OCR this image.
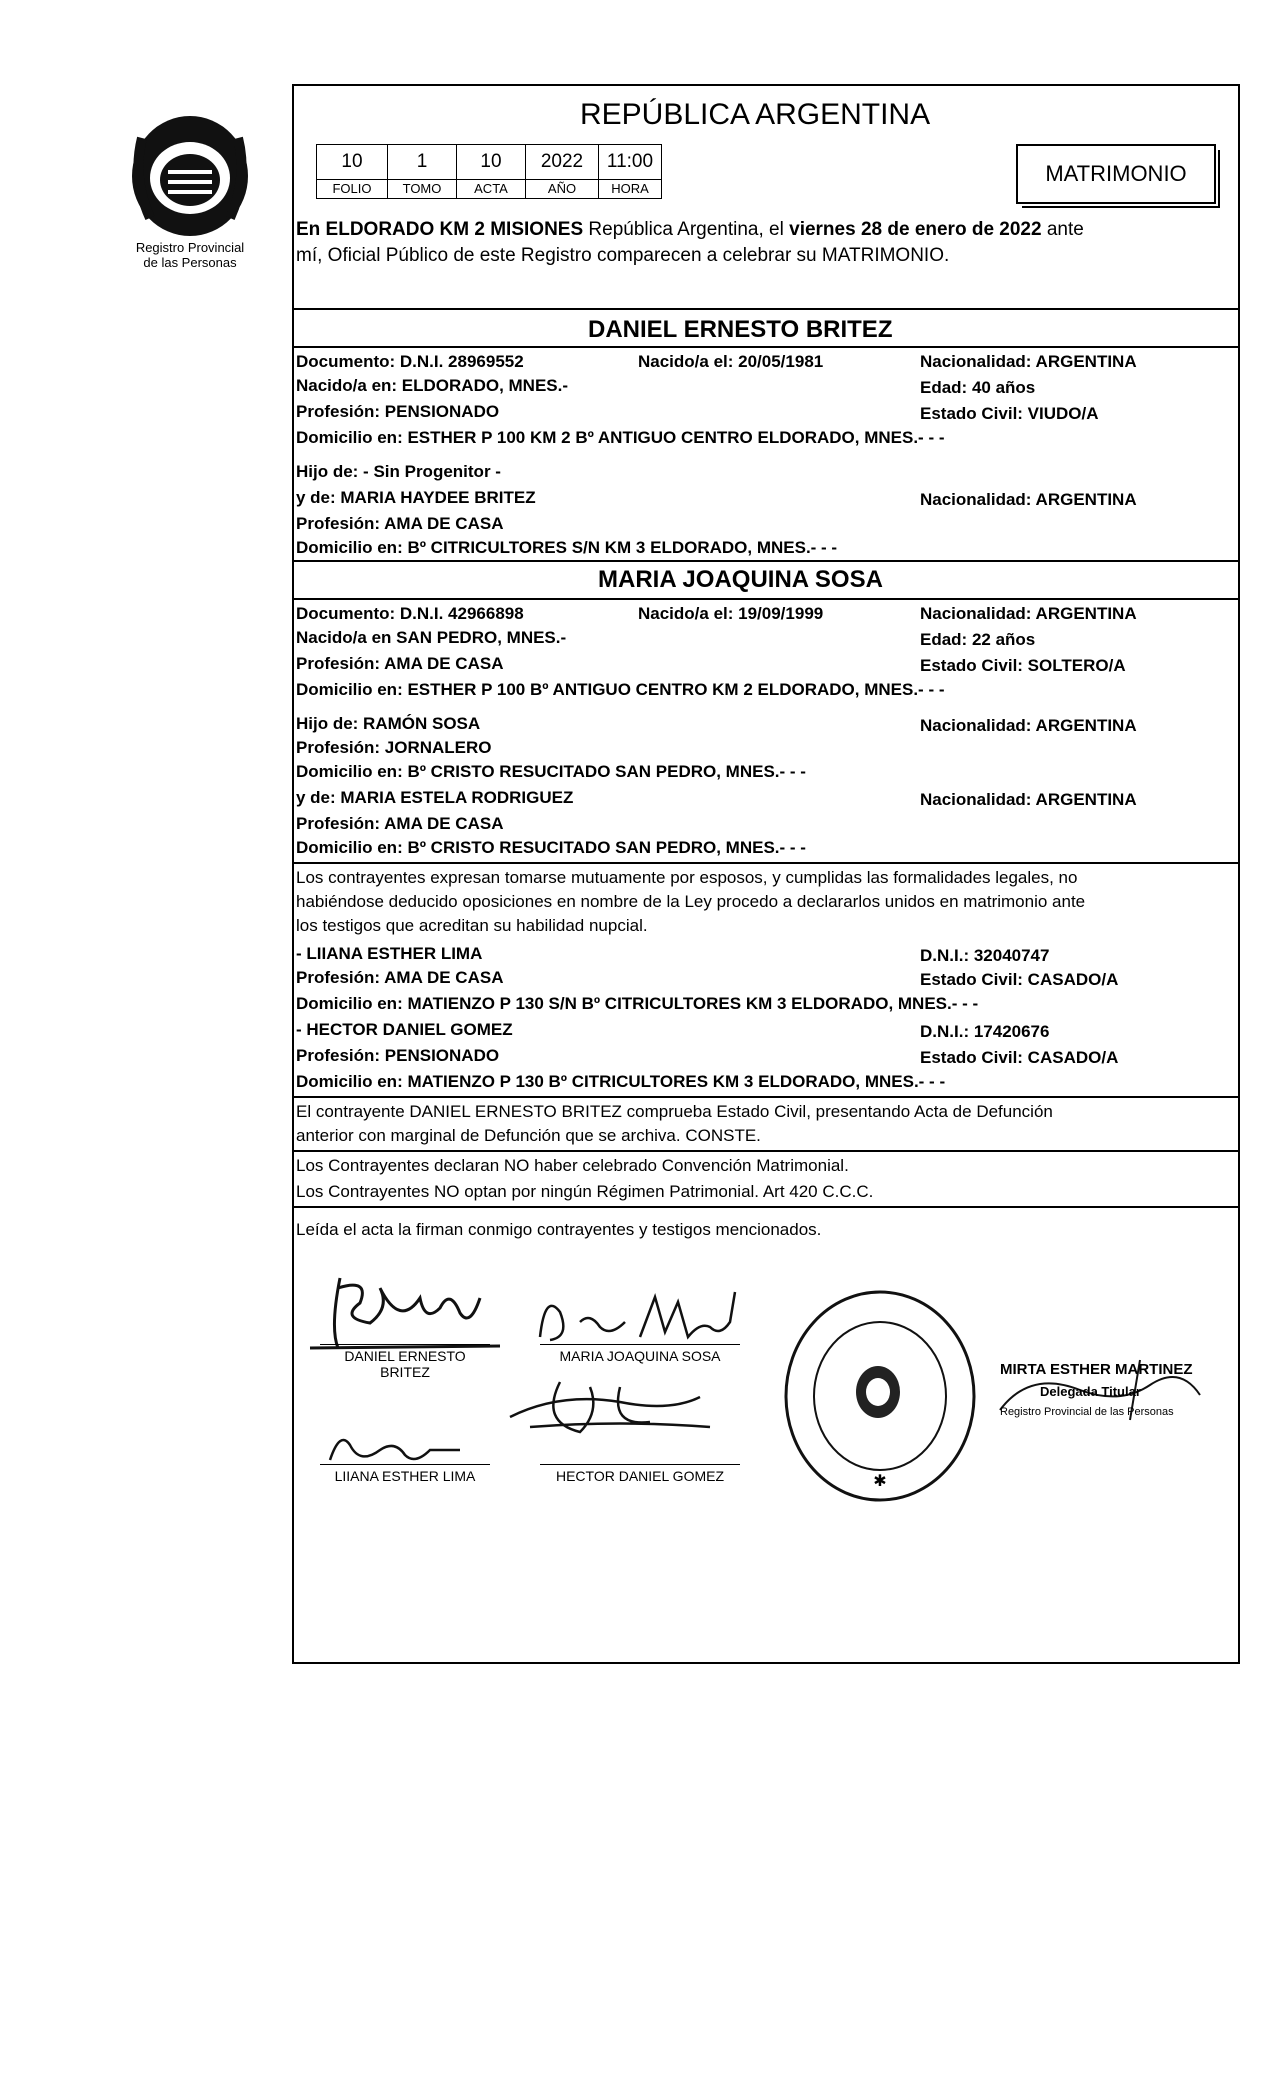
Registro Provincial
de las Personas
REPÚBLICA ARGENTINA
10	1	10	2022	11:00
FOLIO	TOMO	ACTA	AÑO	HORA
MATRIMONIO
En ELDORADO KM 2 MISIONES República Argentina, el viernes 28 de enero de 2022 ante
mí, Oficial Público de este Registro comparecen a celebrar su MATRIMONIO.
DANIEL ERNESTO BRITEZ
Documento: D.N.I. 28969552	Nacido/a el: 20/05/1981	Nacionalidad: ARGENTINA
Nacido/a en: ELDORADO, MNES.-	Edad: 40 años
Profesión: PENSIONADO	Estado Civil: VIUDO/A
Domicilio en: ESTHER P 100 KM 2 Bº ANTIGUO CENTRO ELDORADO, MNES.- - -
Hijo de: - Sin Progenitor -
y de: MARIA HAYDEE BRITEZ	Nacionalidad: ARGENTINA
Profesión: AMA DE CASA
Domicilio en: Bº CITRICULTORES S/N KM 3 ELDORADO, MNES.- - -
MARIA JOAQUINA SOSA
Documento: D.N.I. 42966898	Nacido/a el: 19/09/1999	Nacionalidad: ARGENTINA
Nacido/a en SAN PEDRO, MNES.-	Edad: 22 años
Profesión: AMA DE CASA	Estado Civil: SOLTERO/A
Domicilio en: ESTHER P 100 Bº ANTIGUO CENTRO KM 2 ELDORADO, MNES.- - -
Hijo de: RAMÓN SOSA	Nacionalidad: ARGENTINA
Profesión: JORNALERO
Domicilio en: Bº CRISTO RESUCITADO SAN PEDRO, MNES.- - -
y de: MARIA ESTELA RODRIGUEZ	Nacionalidad: ARGENTINA
Profesión: AMA DE CASA
Domicilio en: Bº CRISTO RESUCITADO SAN PEDRO, MNES.- - -
Los contrayentes expresan tomarse mutuamente por esposos, y cumplidas las formalidades legales, no
habiéndose deducido oposiciones en nombre de la Ley procedo a declararlos unidos en matrimonio ante
los testigos que acreditan su habilidad nupcial.
- LIIANA ESTHER LIMA	D.N.I.: 32040747
Profesión: AMA DE CASA	Estado Civil: CASADO/A
Domicilio en: MATIENZO P 130 S/N Bº CITRICULTORES KM 3 ELDORADO, MNES.- - -
- HECTOR DANIEL GOMEZ	D.N.I.: 17420676
Profesión: PENSIONADO	Estado Civil: CASADO/A
Domicilio en: MATIENZO P 130 Bº CITRICULTORES KM 3 ELDORADO, MNES.- - -
El contrayente DANIEL ERNESTO BRITEZ comprueba Estado Civil, presentando Acta de Defunción
anterior con marginal de Defunción que se archiva. CONSTE.
Los Contrayentes declaran NO haber celebrado Convención Matrimonial.
Los Contrayentes NO optan por ningún Régimen Patrimonial. Art 420 C.C.C.
Leída el acta la firman conmigo contrayentes y testigos mencionados.
DANIEL ERNESTO
BRITEZ
MARIA JOAQUINA SOSA
HECTOR DANIEL GOMEZ
LIIANA ESTHER LIMA	✱
MIRTA ESTHER MARTINEZ
Delegada Titular
Registro Provincial de las Personas
